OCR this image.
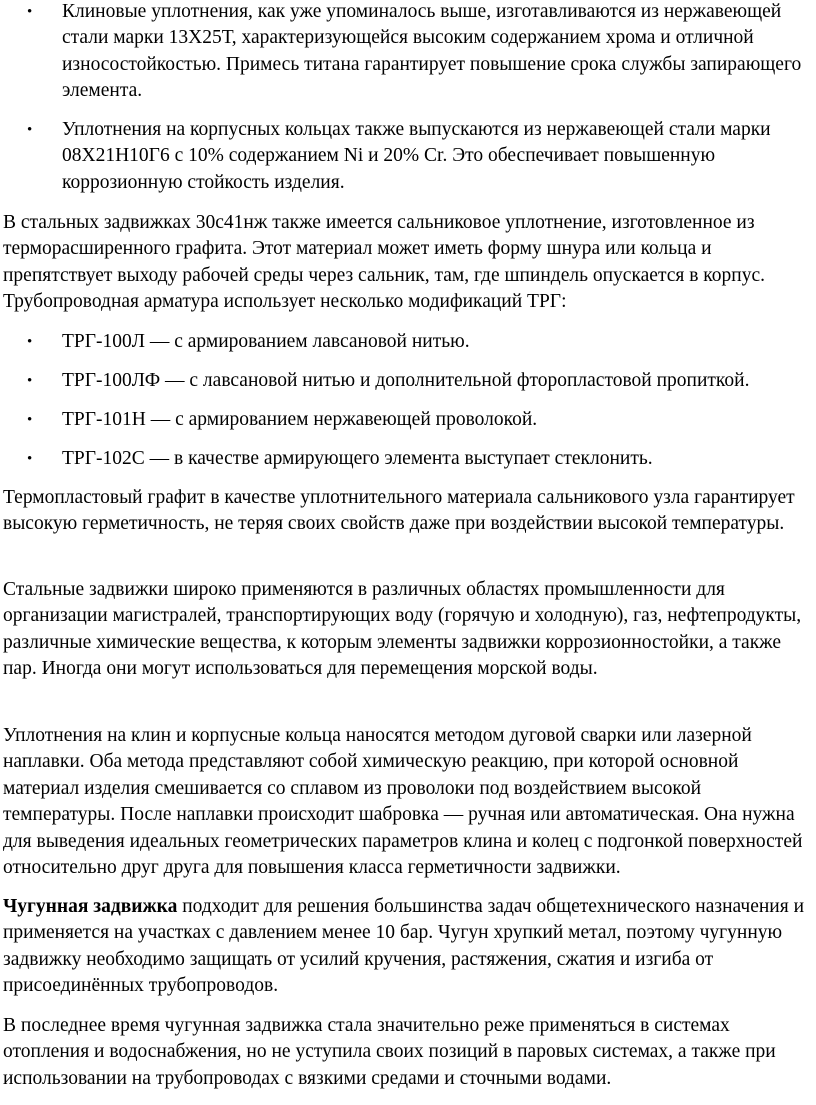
• Клиновые уплотнения, как уже упоминалось выше, изготавливаются из нержавеющей стали марки 13Х25Т, характеризующейся высоким содержанием хрома и отличной износостойкостью. Примесь титана гарантирует повышение срока службы запирающего элемента.
• Уплотнения на корпусных кольцах также выпускаются из нержавеющей стали марки 08Х21Н10Г6 с 10% содержанием Ni и 20% Cr. Это обеспечивает повышенную коррозионную стойкость изделия.

В стальных задвижках 30с41нж также имеется сальниковое уплотнение, изготовленное из терморасширенного графита. Этот материал может иметь форму шнура или кольца и препятствует выходу рабочей среды через сальник, там, где шпиндель опускается в корпус. Трубопроводная арматура использует несколько модификаций ТРГ:

• ТРГ-100Л — с армированием лавсановой нитью.
• ТРГ-100ЛФ — с лавсановой нитью и дополнительной фторопластовой пропиткой.
• ТРГ-101Н — с армированием нержавеющей проволокой.
• ТРГ-102С — в качестве армирующего элемента выступает стеклонить.

Термопластовый графит в качестве уплотнительного материала сальникового узла гарантирует высокую герметичность, не теряя своих свойств даже при воздействии высокой температуры.

Стальные задвижки широко применяются в различных областях промышленности для организации магистралей, транспортирующих воду (горячую и холодную), газ, нефтепродукты, различные химические вещества, к которым элементы задвижки коррозионностойки, а также пар. Иногда они могут использоваться для перемещения морской воды.

Уплотнения на клин и корпусные кольца наносятся методом дуговой сварки или лазерной наплавки. Оба метода представляют собой химическую реакцию, при которой основной материал изделия смешивается со сплавом из проволоки под воздействием высокой температуры. После наплавки происходит шабровка — ручная или автоматическая. Она нужна для выведения идеальных геометрических параметров клина и колец с подгонкой поверхностей относительно друг друга для повышения класса герметичности задвижки.

Чугунная задвижка подходит для решения большинства задач общетехнического назначения и применяется на участках с давлением менее 10 бар. Чугун хрупкий метал, поэтому чугунную задвижку необходимо защищать от усилий кручения, растяжения, сжатия и изгиба от присоединённых трубопроводов.

В последнее время чугунная задвижка стала значительно реже применяться в системах отопления и водоснабжения, но не уступила своих позиций в паровых системах, а также при использовании на трубопроводах с вязкими средами и сточными водами.
